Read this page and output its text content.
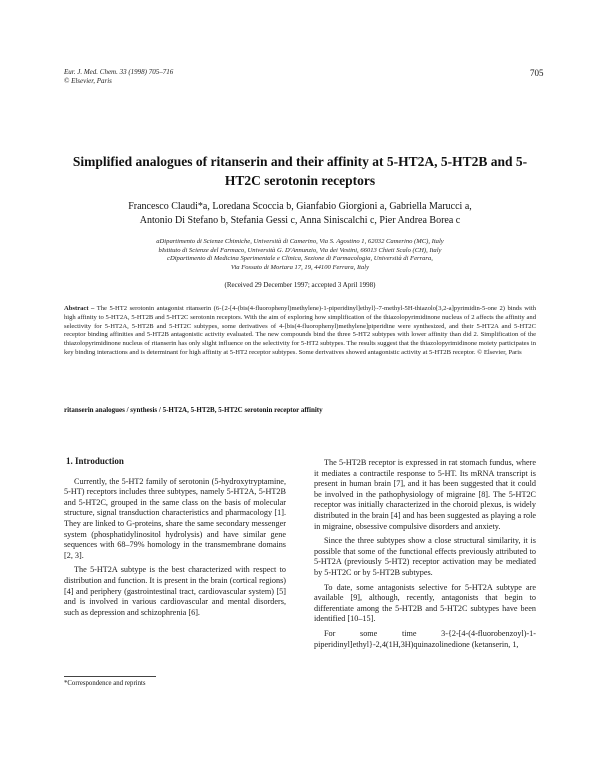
Eur. J. Med. Chem. 33 (1998) 705–716
© Elsevier, Paris
705
Simplified analogues of ritanserin and their affinity at 5-HT2A, 5-HT2B and 5-HT2C serotonin receptors
Francesco Claudi*a, Loredana Scoccia b, Gianfabio Giorgioni a, Gabriella Marucci a,
Antonio Di Stefano b, Stefania Gessi c, Anna Siniscalchi c, Pier Andrea Borea c
aDipartimento di Scienze Chimiche, Università di Camerino, Via S. Agostino 1, 62032 Camerino (MC), Italy
bIstituto di Scienze del Farmaco, Università G. D'Annunzio, Via dei Vestini, 66013 Chieti Scalo (CH), Italy
cDipartimento di Medicina Sperimentale e Clinica, Sezione di Farmacologia, Università di Ferrara,
Via Fossato di Mortara 17, 19, 44100 Ferrara, Italy
(Received 29 December 1997; accepted 3 April 1998)
Abstract – The 5-HT2 serotonin antagonist ritanserin (6-{2-[4-(bis(4-fluorophenyl)methylene)-1-piperidinyl]ethyl}-7-methyl-5H-thiazolo[3,2-a]pyrimidin-5-one 2) binds with high affinity to 5-HT2A, 5-HT2B and 5-HT2C serotonin receptors. With the aim of exploring how simplification of the thiazolopyrimidinone nucleus of 2 affects the affinity and selectivity for 5-HT2A, 5-HT2B and 5-HT2C subtypes, some derivatives of 4-[bis(4-fluorophenyl)methylene]piperidine were synthesized, and their 5-HT2A and 5-HT2C receptor binding affinities and 5-HT2B antagonistic activity evaluated. The new compounds bind the three 5-HT2 subtypes with lower affinity than did 2. Simplification of the thiazolopyrimidinone nucleus of ritanserin has only slight influence on the selectivity for 5-HT2 subtypes. The results suggest that the thiazolopyrimidinone moiety participates in key binding interactions and is determinant for high affinity at 5-HT2 receptor subtypes. Some derivatives showed antagonistic activity at 5-HT2B receptor. © Elsevier, Paris
ritanserin analogues / synthesis / 5-HT2A, 5-HT2B, 5-HT2C serotonin receptor affinity
1. Introduction

Currently, the 5-HT2 family of serotonin (5-hydroxytryptamine, 5-HT) receptors includes three subtypes, namely 5-HT2A, 5-HT2B and 5-HT2C, grouped in the same class on the basis of molecular structure, signal transduction characteristics and pharmacology [1]. They are linked to G-proteins, share the same secondary messenger system (phosphatidylinositol hydrolysis) and have similar gene sequences with 68–79% homology in the transmembrane domains [2, 3].

The 5-HT2A subtype is the best characterized with respect to distribution and function. It is present in the brain (cortical regions) [4] and periphery (gastrointestinal tract, cardiovascular system) [5] and is involved in various cardiovascular and mental disorders, such as depression and schizophrenia [6].

The 5-HT2B receptor is expressed in rat stomach fundus, where it mediates a contractile response to 5-HT. Its mRNA transcript is present in human brain [7], and it has been suggested that it could be involved in the pathophysiology of migraine [8]. The 5-HT2C receptor was initially characterized in the choroid plexus, is widely distributed in the brain [4] and has been suggested as playing a role in migraine, obsessive compulsive disorders and anxiety.

Since the three subtypes show a close structural similarity, it is possible that some of the functional effects previously attributed to 5-HT2A (previously 5-HT2) receptor activation may be mediated by 5-HT2C or by 5-HT2B subtypes.

To date, some antagonists selective for 5-HT2A subtype are available [9], although, recently, antagonists that begin to differentiate among the 5-HT2B and 5-HT2C subtypes have been identified [10–15].

For some time 3-{2-[4-(4-fluorobenzoyl)-1-piperidinyl]ethyl}-2,4(1H,3H)quinazolinedione (ketanserin, 1,

*Correspondence and reprints
